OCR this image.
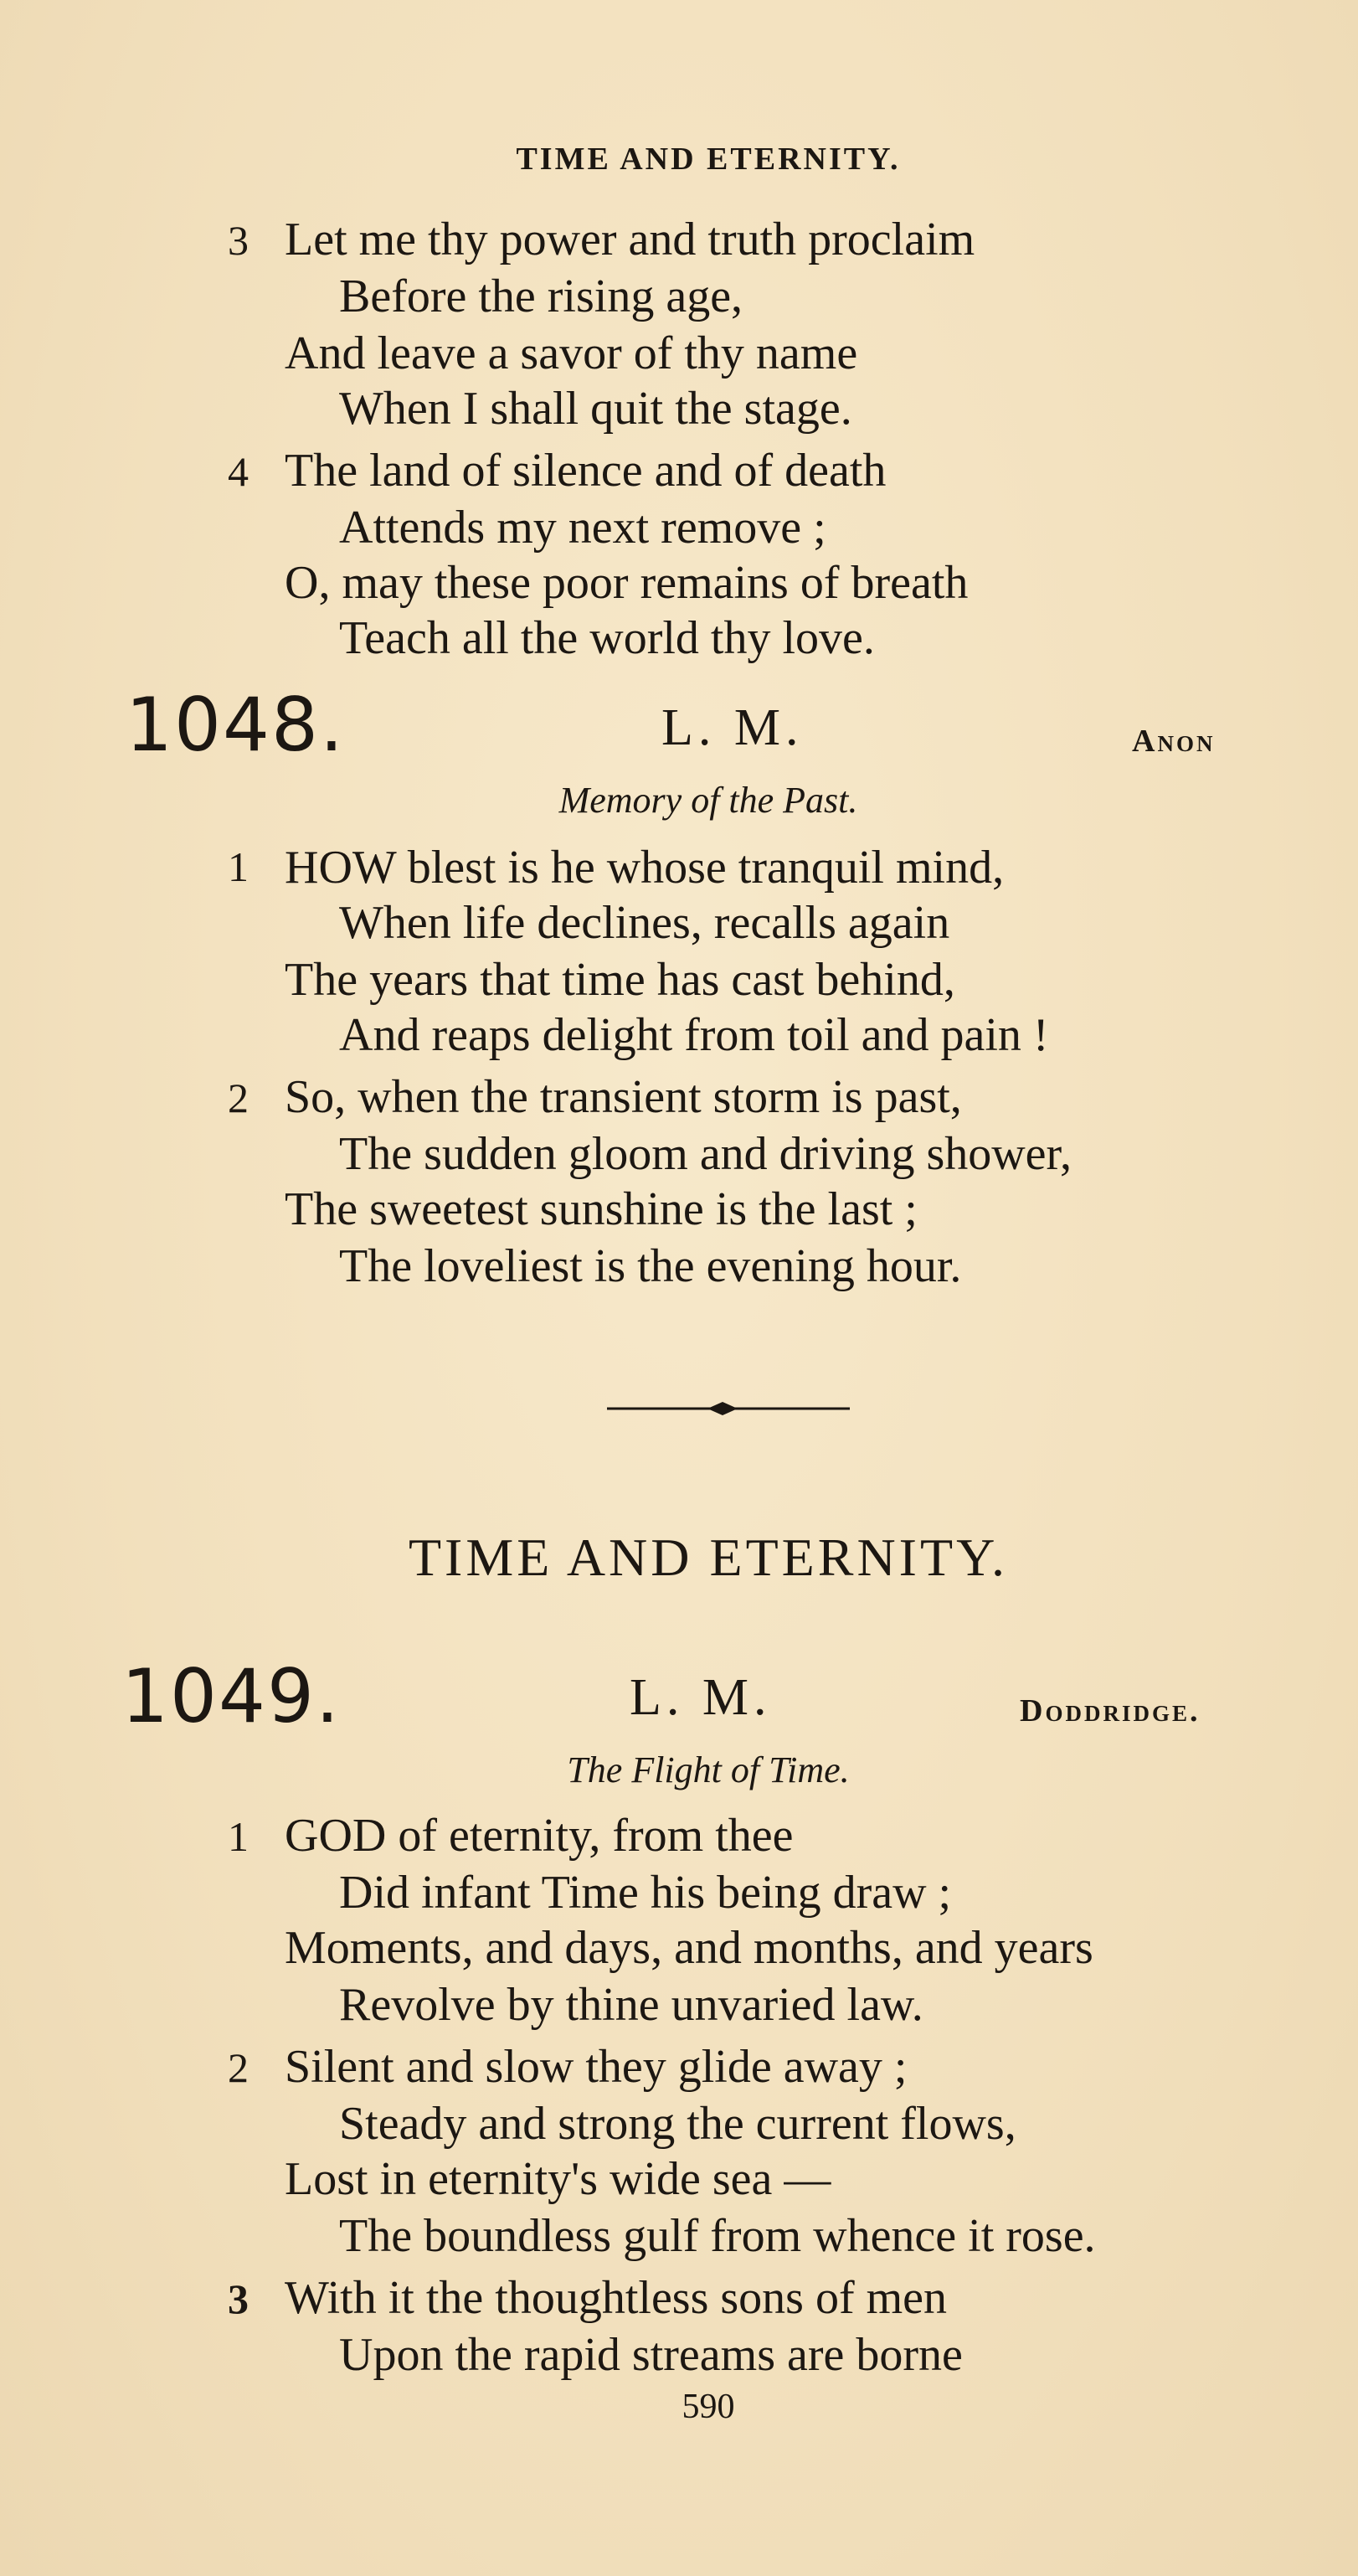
TIME AND ETERNITY.
3 Let me thy power and truth proclaim
Before the rising age,
And leave a savor of thy name
When I shall quit the stage.
4 The land of silence and of death
Attends my next remove ;
O, may these poor remains of breath
Teach all the world thy love.
1048.	L. M.	Anon
Memory of the Past.
1 HOW blest is he whose tranquil mind,
When life declines, recalls again
The years that time has cast behind,
And reaps delight from toil and pain !
2 So, when the transient storm is past,
The sudden gloom and driving shower,
The sweetest sunshine is the last ;
The loveliest is the evening hour.
TIME AND ETERNITY.
1049.	L. M.	Doddridge.
The Flight of Time.
1 GOD of eternity, from thee
Did infant Time his being draw ;
Moments, and days, and months, and years
Revolve by thine unvaried law.
2 Silent and slow they glide away ;
Steady and strong the current flows,
Lost in eternity's wide sea —
The boundless gulf from whence it rose.
3 With it the thoughtless sons of men
Upon the rapid streams are borne
590
